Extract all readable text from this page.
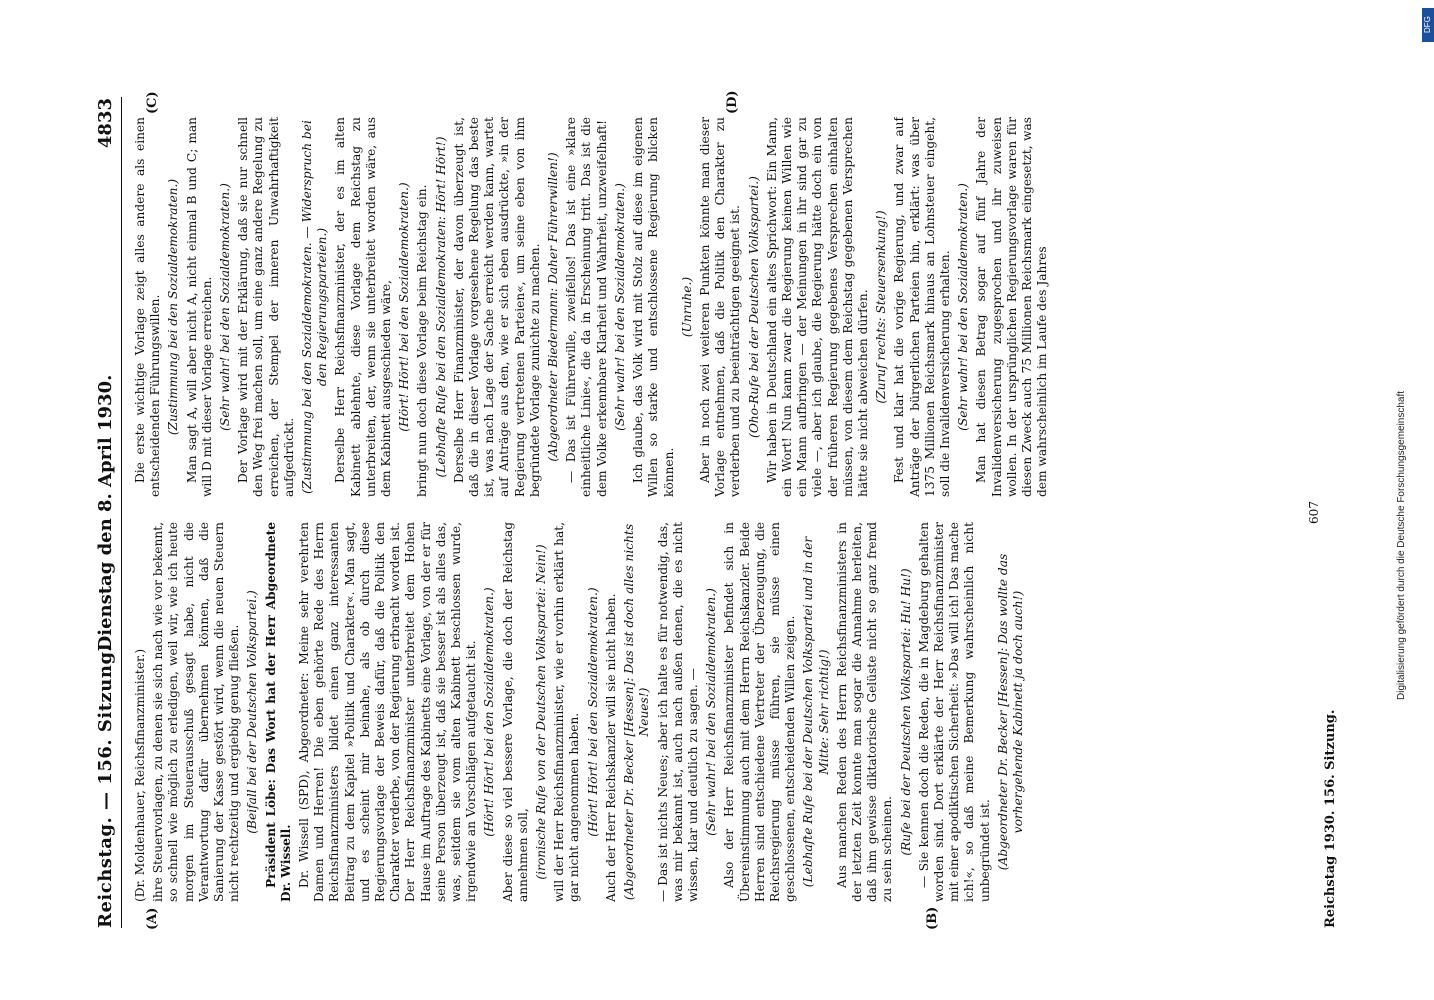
Reichstag. — 156. Sitzung.
Dienstag den 8. April 1930.
4833
(A)	(B)
(C)	(D)

(Dr. Moldenhauer, Reichsfinanzminister.) ihre Steuervorlagen, zu denen sie sich nach wie vor bekennt, so schnell wie möglich zu erledigen, weil wir, wie ich heute morgen im Steuerausschuß gesagt habe, nicht die Verantwortung dafür übernehmen können, daß die Sanierung der Kasse gestört wird, wenn die neuen Steuern nicht rechtzeitig und ergiebig genug fließen. (Beifall bei der Deutschen Volkspartei.) Präsident Löbe: Das Wort hat der Herr Abgeordnete Dr. Wissell. Dr. Wissell (SPD), Abgeordneter: Meine sehr verehrten Damen und Herren! Die eben gehörte Rede des Herrn Reichsfinanzministers bildet einen ganz interessanten Beitrag zu dem Kapitel »Politik und Charakter«. Man sagt, und es scheint mir beinahe, als ob durch diese Regierungsvorlage der Beweis dafür, daß die Politik den Charakter verderbe, von der Regierung erbracht worden ist. Der Herr Reichsfinanzminister unterbreitet dem Hohen Hause im Auftrage des Kabinetts eine Vorlage, von der er für seine Person überzeugt ist, daß sie besser ist als alles das, was, seitdem sie vom alten Kabinett beschlossen wurde, irgendwie an Vorschlägen aufgetaucht ist. (Hört! Hört! bei den Sozialdemokraten.) Aber diese so viel bessere Vorlage, die doch der Reichstag annehmen soll, (ironische Rufe von der Deutschen Volkspartei: Nein!) will der Herr Reichsfinanzminister, wie er vorhin erklärt hat, gar nicht angenommen haben. (Hört! Hört! bei den Sozialdemokraten.) Auch der Herr Reichskanzler will sie nicht haben. (Abgeordneter Dr. Becker [Hessen]: Das ist doch alles nichts Neues!) — Das ist nichts Neues; aber ich halte es für notwendig, das, was mir bekannt ist, auch nach außen denen, die es nicht wissen, klar und deutlich zu sagen. — (Sehr wahr! bei den Sozialdemokraten.) Also der Herr Reichsfinanzminister befindet sich in Übereinstimmung auch mit dem Herrn Reichskanzler. Beide Herren sind entschiedene Vertreter der Überzeugung, die Reichsregierung müsse führen, sie müsse einen geschlossenen, entscheidenden Willen zeigen. (Lebhafte Rufe bei der Deutschen Volkspartei und in der Mitte: Sehr richtig!) Aus manchen Reden des Herrn Reichsfinanzministers in der letzten Zeit konnte man sogar die Annahme herleiten, daß ihm gewisse diktatorische Gelüste nicht so ganz fremd zu sein scheinen. (Rufe bei der Deutschen Volkspartei: Hu! Hu!) — Sie kennen doch die Reden, die in Magdeburg gehalten worden sind. Dort erklärte der Herr Reichsfinanzminister mit einer apodiktischen Sicherheit: »Das will ich! Das mache ich!«, so daß meine Bemerkung wahrscheinlich nicht unbegründet ist. (Abgeordneter Dr. Becker [Hessen]: Das wollte das vorhergehende Kabinett ja doch auch!)

Die erste wichtige Vorlage zeigt alles andere als einen entscheidenden Führungswillen. (Zustimmung bei den Sozialdemokraten.) Man sagt A, will aber nicht A, nicht einmal B und C; man will D mit dieser Vorlage erreichen. (Sehr wahr! bei den Sozialdemokraten.) Der Vorlage wird mit der Erklärung, daß sie nur schnell den Weg frei machen soll, um eine ganz andere Regelung zu erreichen, der Stempel der inneren Unwahrhaftigkeit aufgedrückt. (Zustimmung bei den Sozialdemokraten. — Widerspruch bei den Regierungsparteien.) Derselbe Herr Reichsfinanzminister, der es im alten Kabinett ablehnte, diese Vorlage dem Reichstag zu unterbreiten, der, wenn sie unterbreitet worden wäre, aus dem Kabinett ausgeschieden wäre, (Hört! Hört! bei den Sozialdemokraten.) bringt nun doch diese Vorlage beim Reichstag ein. (Lebhafte Rufe bei den Sozialdemokraten: Hört! Hört!) Derselbe Herr Finanzminister, der davon überzeugt ist, daß die in dieser Vorlage vorgesehene Regelung das beste ist, was nach Lage der Sache erreicht werden kann, wartet auf Anträge aus den, wie er sich eben ausdrückte, »in der Regierung vertretenen Parteien«, um seine eben von ihm begründete Vorlage zunichte zu machen. (Abgeordneter Biedermann: Daher Führerwillen!) — Das ist Führerwille, zweifellos! Das ist eine »klare einheitliche Linie«, die da in Erscheinung tritt. Das ist die dem Volke erkennbare Klarheit und Wahrheit, unzweifelhaft! (Sehr wahr! bei den Sozialdemokraten.) Ich glaube, das Volk wird mit Stolz auf diese im eigenen Willen so starke und entschlossene Regierung blicken können.

(Unruhe.) Aber in noch zwei weiteren Punkten könnte man dieser Vorlage entnehmen, daß die Politik den Charakter zu verderben und zu beeinträchtigen geeignet ist. (Oho-Rufe bei der Deutschen Volkspartei.) Wir haben in Deutschland ein altes Sprichwort: Ein Mann, ein Wort! Nun kann zwar die Regierung keinen Willen wie ein Mann aufbringen — der Meinungen in ihr sind gar zu viele —, aber ich glaube, die Regierung hätte doch ein von der früheren Regierung gegebenes Versprechen einhalten müssen, von diesem dem Reichstag gegebenen Versprechen hätte sie nicht abweichen dürfen. (Zuruf rechts: Steuersenkung!) Fest und klar hat die vorige Regierung, und zwar auf Anträge der bürgerlichen Parteien hin, erklärt: was über 1375 Millionen Reichsmark hinaus an Lohnsteuer eingeht, soll die Invalidenversicherung erhalten. (Sehr wahr! bei den Sozialdemokraten.) Man hat diesen Betrag sogar auf fünf Jahre der Invalidenversicherung zugesprochen und ihr zuweisen wollen. In der ursprünglichen Regierungsvorlage waren für diesen Zweck auch 75 Millionen Reichsmark eingesetzt, was dem wahrscheinlich im Laufe des Jahres

Reichstag 1930. 156. Sitzung.
607	Digitalisierung gefördert durch die Deutsche Forschungsgemeinschaft
DFG
